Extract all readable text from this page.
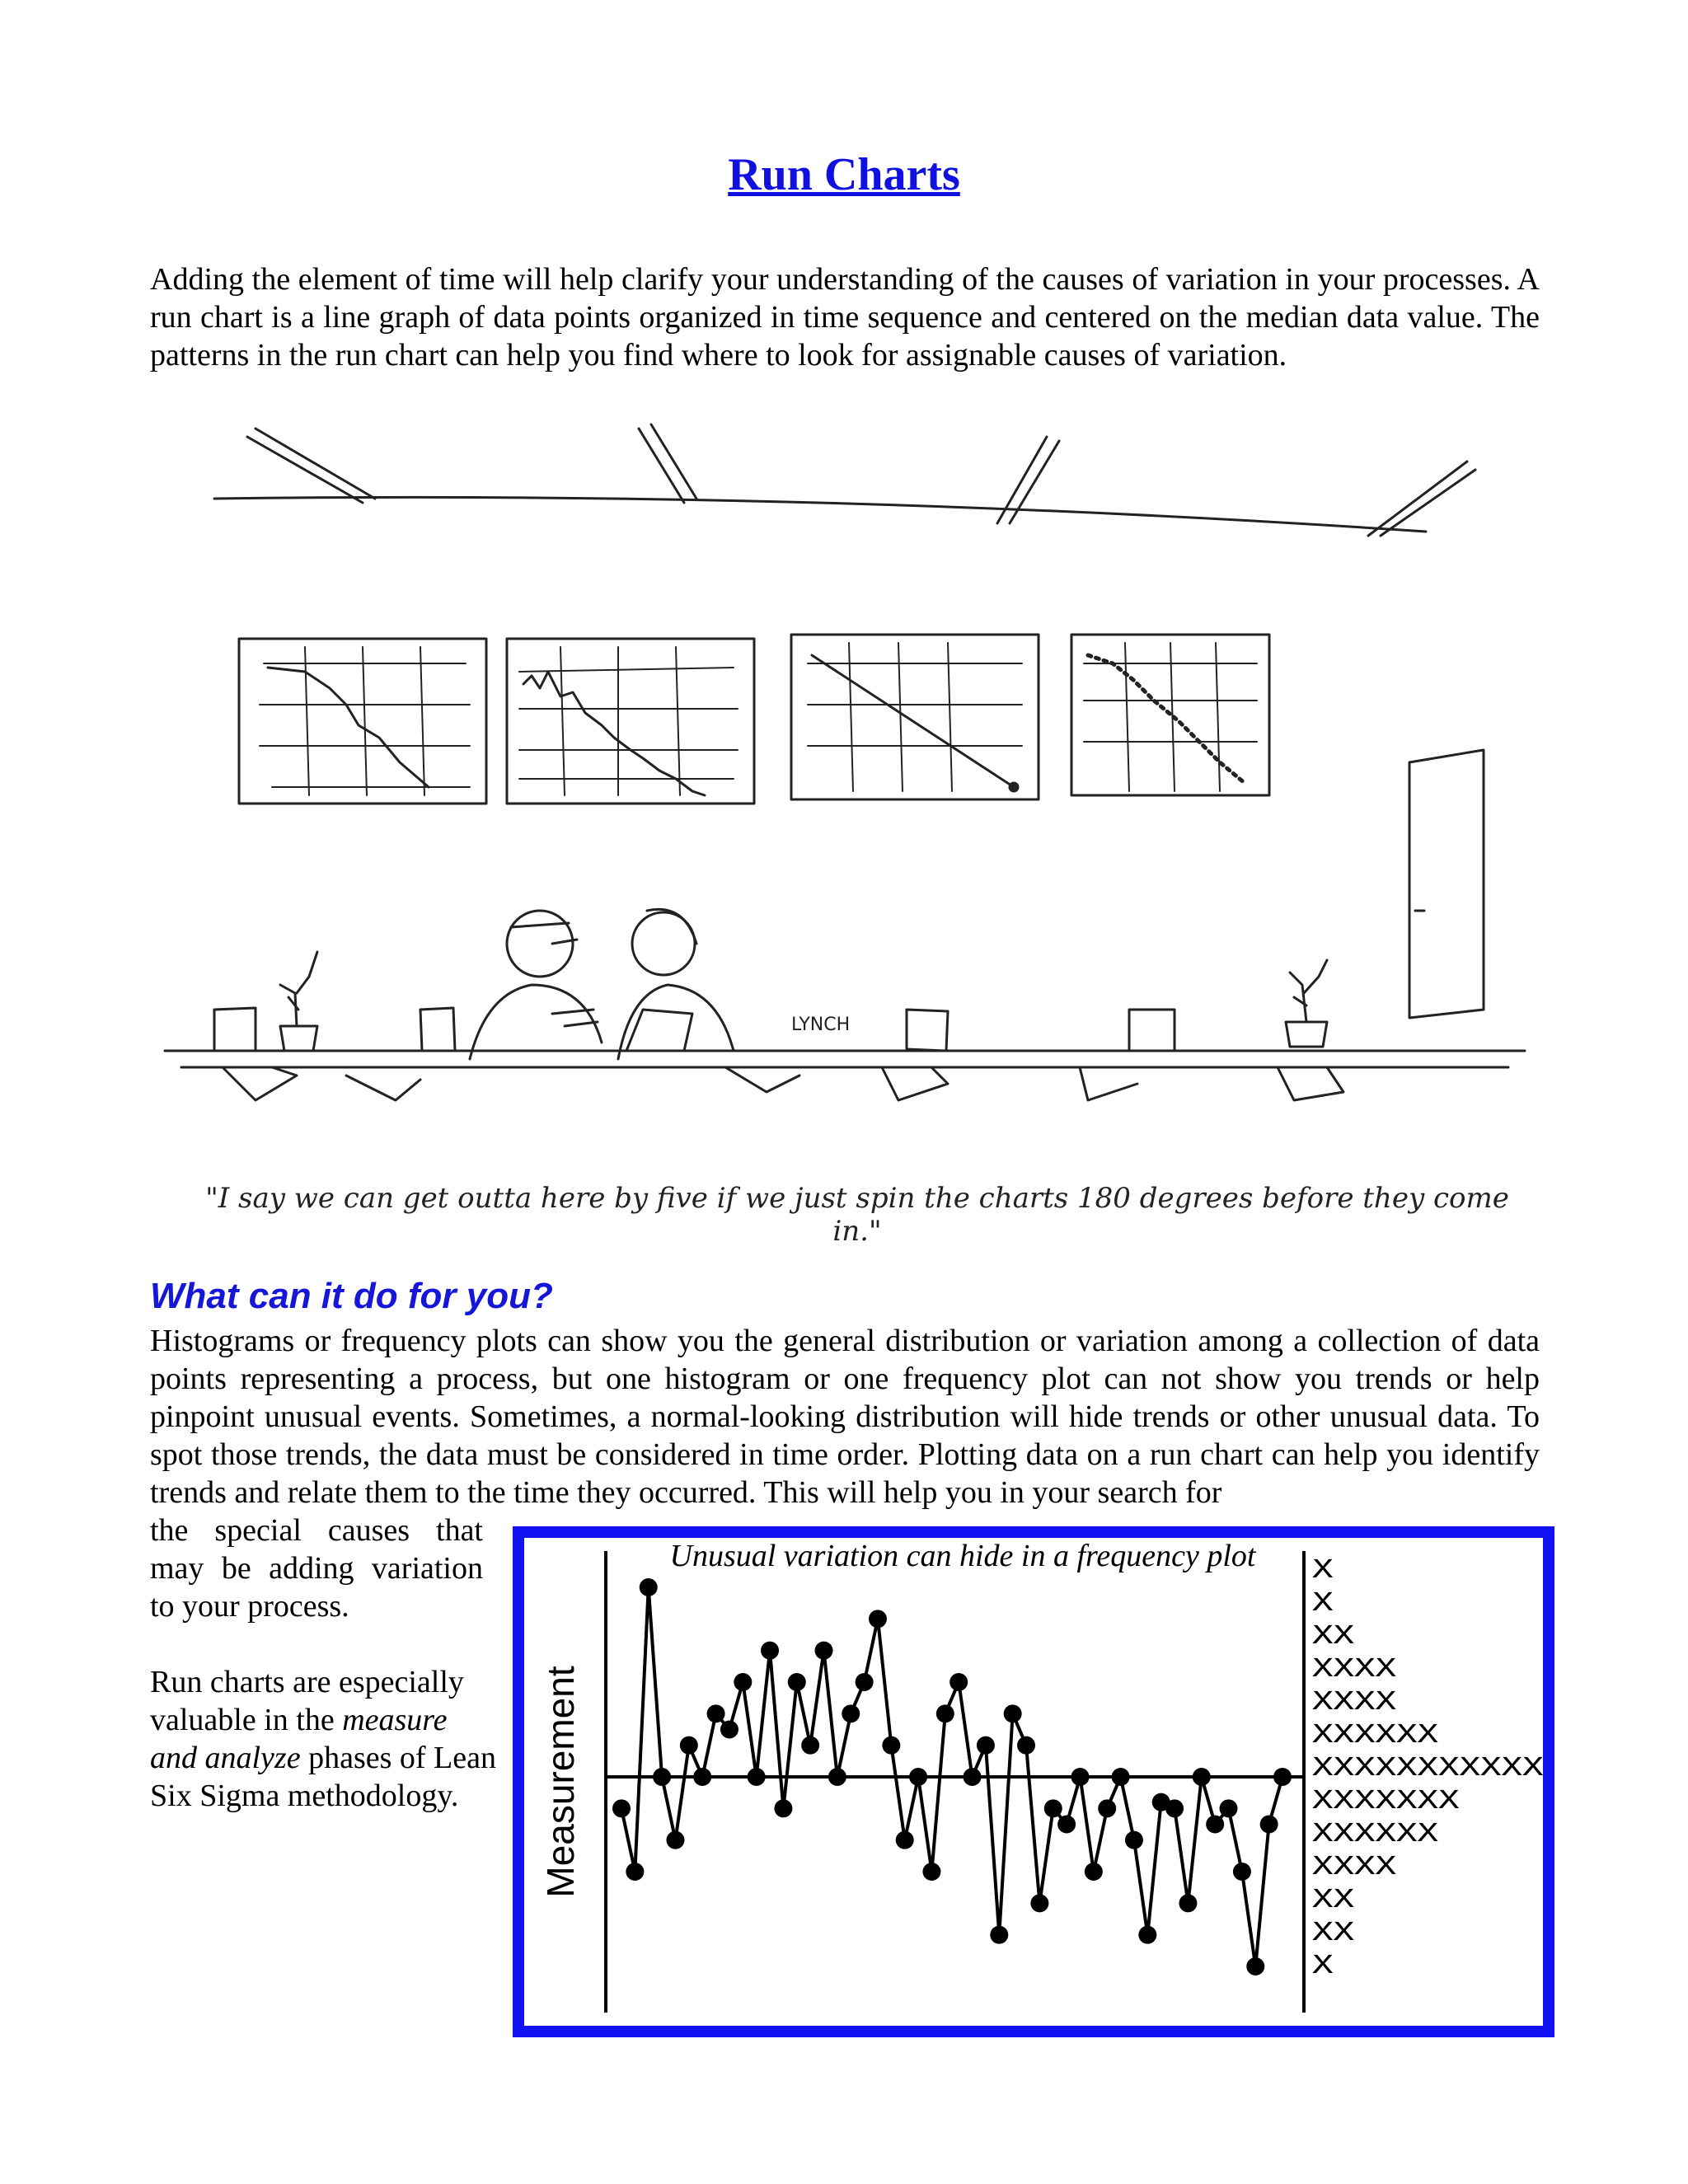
Run Charts

Adding the element of time will help clarify your understanding of the causes of variation in your processes. A run chart is a line graph of data points organized in time sequence and centered on the median data value. The patterns in the run chart can help you find where to look for assignable causes of variation.

LYNCH
"I say we can get outta here by five if we just spin the charts 180 degrees before they come in."
What can it do for you?

Histograms or frequency plots can show you the general distribution or variation among a collection of data points representing a process, but one histogram or one frequency plot can not show you trends or help pinpoint unusual events. Sometimes, a normal-looking distribution will hide trends or other unusual data. To spot those trends, the data must be considered in time order. Plotting data on a run chart can help you identify trends and relate them to the time they occurred. This will help you in your search for

the special causes that may be adding variation to your process.

Run charts are especially valuable in the measure and analyze phases of Lean Six Sigma methodology.

Unusual variation can hide in a frequency plot
Measurement
X
X
XX
XXXX
XXXX
XXXXXX
XXXXXXXXXXX
XXXXXXX
XXXXXX
XXXX
XX
XX
X
